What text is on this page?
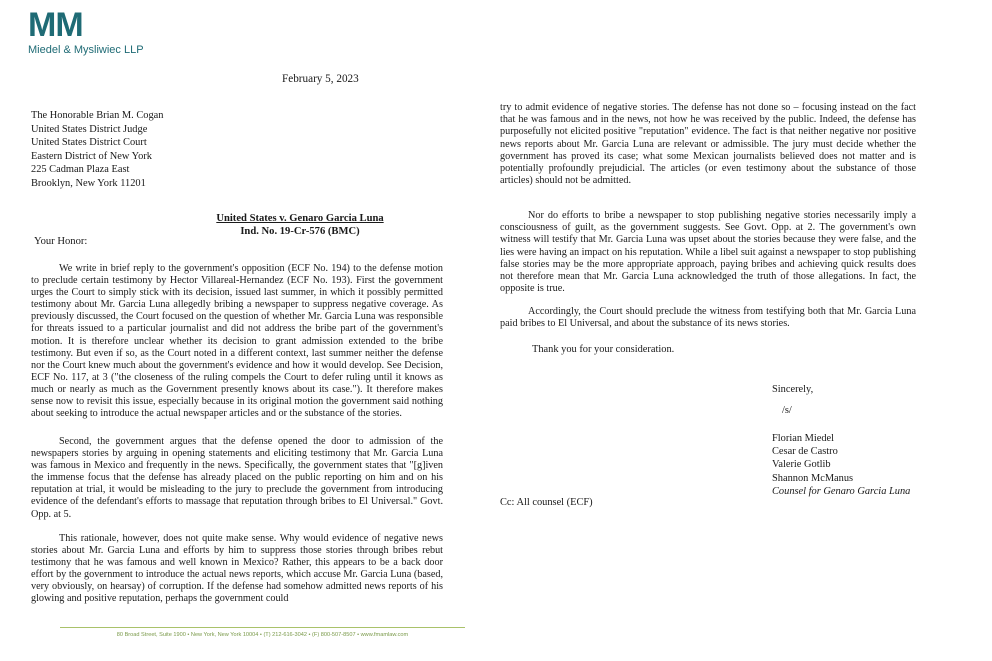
MM
Miedel & Mysliwiec LLP
February 5, 2023
The Honorable Brian M. Cogan
United States District Judge
United States District Court
Eastern District of New York
225 Cadman Plaza East
Brooklyn, New York 11201
United States v. Genaro Garcia Luna
Ind. No. 19-Cr-576 (BMC)
Your Honor:

We write in brief reply to the government's opposition (ECF No. 194) to the defense motion to preclude certain testimony by Hector Villareal-Hernandez (ECF No. 193). First the government urges the Court to simply stick with its decision, issued last summer, in which it possibly permitted testimony about Mr. Garcia Luna allegedly bribing a newspaper to suppress negative coverage. As previously discussed, the Court focused on the question of whether Mr. Garcia Luna was responsible for threats issued to a particular journalist and did not address the bribe part of the government's motion. It is therefore unclear whether its decision to grant admission extended to the bribe testimony. But even if so, as the Court noted in a different context, last summer neither the defense nor the Court knew much about the government's evidence and how it would develop. See Decision, ECF No. 117, at 3 ("the closeness of the ruling compels the Court to defer ruling until it knows as much or nearly as much as the Government presently knows about its case."). It therefore makes sense now to revisit this issue, especially because in its original motion the government said nothing about seeking to introduce the actual newspaper articles and or the substance of the stories.

Second, the government argues that the defense opened the door to admission of the newspapers stories by arguing in opening statements and eliciting testimony that Mr. Garcia Luna was famous in Mexico and frequently in the news. Specifically, the government states that "[g]iven the immense focus that the defense has already placed on the public reporting on him and on his reputation at trial, it would be misleading to the jury to preclude the government from introducing evidence of the defendant's efforts to massage that reputation through bribes to El Universal." Govt. Opp. at 5.

This rationale, however, does not quite make sense. Why would evidence of negative news stories about Mr. Garcia Luna and efforts by him to suppress those stories through bribes rebut testimony that he was famous and well known in Mexico? Rather, this appears to be a back door effort by the government to introduce the actual news reports, which accuse Mr. Garcia Luna (based, very obviously, on hearsay) of corruption. If the defense had somehow admitted news reports of his glowing and positive reputation, perhaps the government could

80 Broad Street, Suite 1900 • New York, New York 10004 • (T) 212-616-3042 • (F) 800-507-8507 • www.fmamlaw.com

try to admit evidence of negative stories. The defense has not done so – focusing instead on the fact that he was famous and in the news, not how he was received by the public. Indeed, the defense has purposefully not elicited positive "reputation" evidence. The fact is that neither negative nor positive news reports about Mr. Garcia Luna are relevant or admissible. The jury must decide whether the government has proved its case; what some Mexican journalists believed does not matter and is potentially profoundly prejudicial. The articles (or even testimony about the substance of those articles) should not be admitted.

Nor do efforts to bribe a newspaper to stop publishing negative stories necessarily imply a consciousness of guilt, as the government suggests. See Govt. Opp. at 2. The government's own witness will testify that Mr. Garcia Luna was upset about the stories because they were false, and the lies were having an impact on his reputation. While a libel suit against a newspaper to stop publishing false stories may be the more appropriate approach, paying bribes and achieving quick results does not therefore mean that Mr. Garcia Luna acknowledged the truth of those allegations. In fact, the opposite is true.

Accordingly, the Court should preclude the witness from testifying both that Mr. Garcia Luna paid bribes to El Universal, and about the substance of its news stories.

Thank you for your consideration.
Sincerely,
/s/
Florian Miedel
Cesar de Castro
Valerie Gotlib
Shannon McManus
Counsel for Genaro Garcia Luna
Cc: All counsel (ECF)
